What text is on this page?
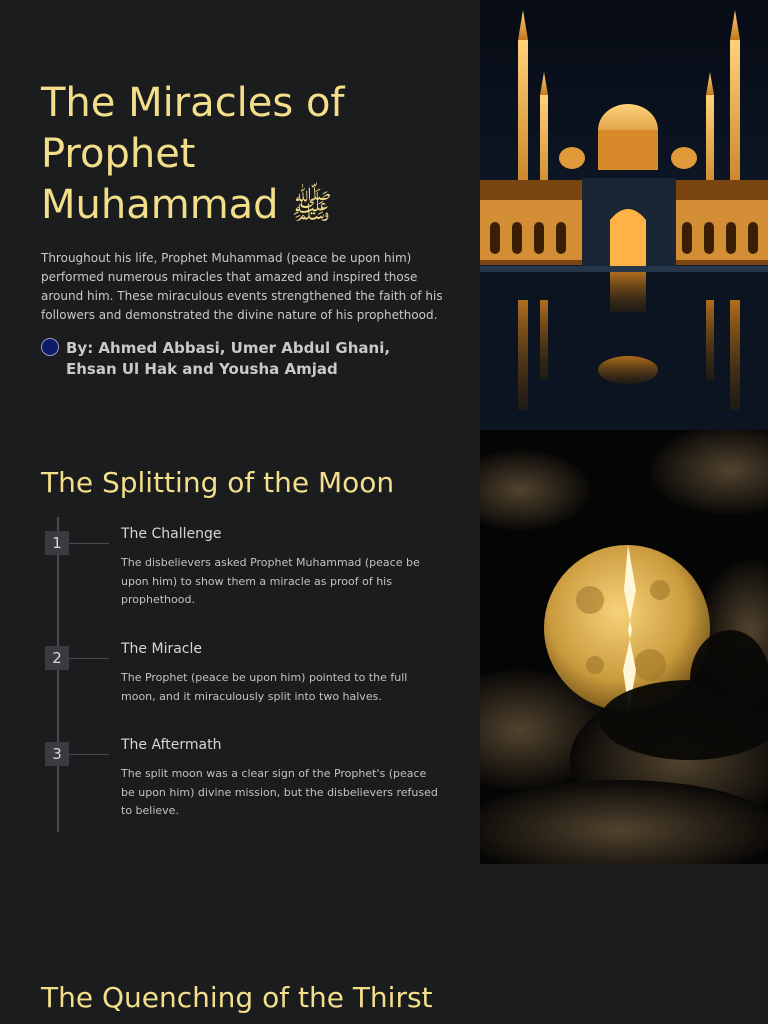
The Miracles of Prophet Muhammad ﷺ

Throughout his life, Prophet Muhammad (peace be upon him) performed numerous miracles that amazed and inspired those around him. These miraculous events strengthened the faith of his followers and demonstrated the divine nature of his prophethood.

By: Ahmed Abbasi, Umer Abdul Ghani, Ehsan Ul Hak and Yousha Amjad
The Splitting of the Moon
1	The Challenge

The disbelievers asked Prophet Muhammad (peace be upon him) to show them a miracle as proof of his prophethood.

2	The Miracle

The Prophet (peace be upon him) pointed to the full moon, and it miraculously split into two halves.

3	The Aftermath

The split moon was a clear sign of the Prophet's (peace be upon him) divine mission, but the disbelievers refused to believe.

The Quenching of the Thirst
